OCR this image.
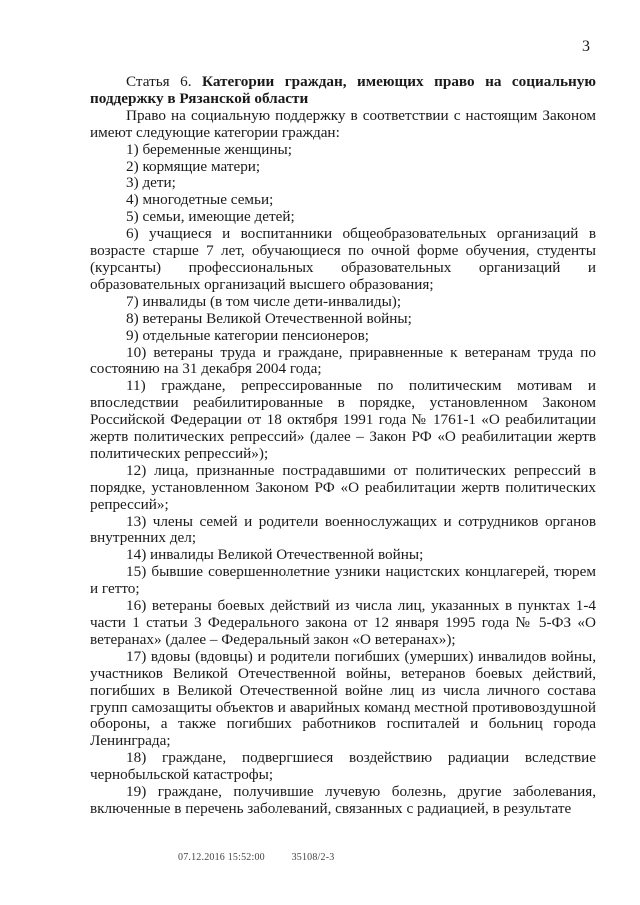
3

Статья 6. Категории граждан, имеющих право на социальную поддержку в Рязанской области

Право на социальную поддержку в соответствии с настоящим Законом имеют следующие категории граждан:

1) беременные женщины;

2) кормящие матери;

3) дети;

4) многодетные семьи;

5) семьи, имеющие детей;

6) учащиеся и воспитанники общеобразовательных организаций в возрасте старше 7 лет, обучающиеся по очной форме обучения, студенты (курсанты) профессиональных образовательных организаций и образовательных организаций высшего образования;

7) инвалиды (в том числе дети-инвалиды);

8) ветераны Великой Отечественной войны;

9) отдельные категории пенсионеров;

10) ветераны труда и граждане, приравненные к ветеранам труда по состоянию на 31 декабря 2004 года;

11) граждане, репрессированные по политическим мотивам и впоследствии реабилитированные в порядке, установленном Законом Российской Федерации от 18 октября 1991 года № 1761-1 «О реабилитации жертв политических репрессий» (далее – Закон РФ «О реабилитации жертв политических репрессий»);

12) лица, признанные пострадавшими от политических репрессий в порядке, установленном Законом РФ «О реабилитации жертв политических репрессий»;

13) члены семей и родители военнослужащих и сотрудников органов внутренних дел;

14) инвалиды Великой Отечественной войны;

15) бывшие совершеннолетние узники нацистских концлагерей, тюрем и гетто;

16) ветераны боевых действий из числа лиц, указанных в пунктах 1-4 части 1 статьи 3 Федерального закона от 12 января 1995 года № 5-ФЗ «О ветеранах» (далее – Федеральный закон «О ветеранах»);

17) вдовы (вдовцы) и родители погибших (умерших) инвалидов войны, участников Великой Отечественной войны, ветеранов боевых действий, погибших в Великой Отечественной войне лиц из числа личного состава групп самозащиты объектов и аварийных команд местной противовоздушной обороны, а также погибших работников госпиталей и больниц города Ленинграда;

18) граждане, подвергшиеся воздействию радиации вследствие чернобыльской катастрофы;

19) граждане, получившие лучевую болезнь, другие заболевания, включенные в перечень заболеваний, связанных с радиацией, в результате

07.12.2016 15:52:00	35108/2-3
